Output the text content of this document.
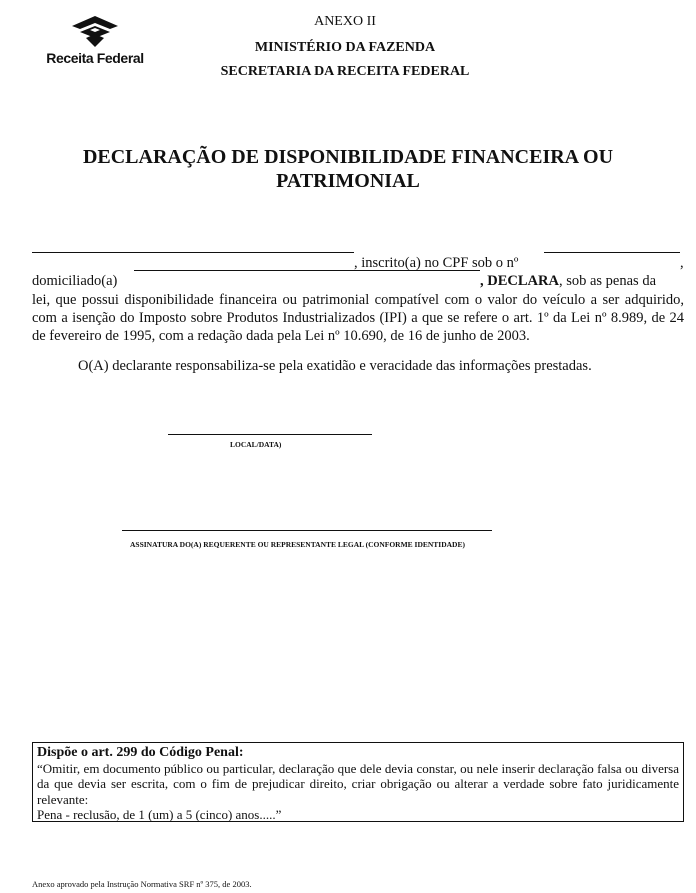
Receita Federal
ANEXO II
MINISTÉRIO DA FAZENDA
SECRETARIA DA RECEITA FEDERAL
DECLARAÇÃO DE DISPONIBILIDADE FINANCEIRA OU PATRIMONIAL
, inscrito(a) no CPF sob o nº	,
domiciliado(a)	, DECLARA, sob as penas da
lei, que possui disponibilidade financeira ou patrimonial compatível com o valor do veículo a ser adquirido, com a isenção do Imposto sobre Produtos Industrializados (IPI) a que se refere o art. 1º da Lei nº 8.989, de 24 de fevereiro de 1995, com a redação dada pela Lei nº 10.690, de 16 de junho de 2003.
O(A) declarante responsabiliza-se pela exatidão e veracidade das informações prestadas.
LOCAL/DATA)
ASSINATURA DO(A) REQUERENTE OU REPRESENTANTE LEGAL (CONFORME IDENTIDADE)
Dispõe o art. 299 do Código Penal:
“Omitir, em documento público ou particular, declaração que dele devia constar, ou nele inserir declaração falsa ou diversa da que devia ser escrita, com o fim de prejudicar direito, criar obrigação ou alterar a verdade sobre fato juridicamente relevante:
Pena - reclusão, de 1 (um) a 5 (cinco) anos.....”
Anexo aprovado pela Instrução Normativa SRF nº 375, de 2003.
